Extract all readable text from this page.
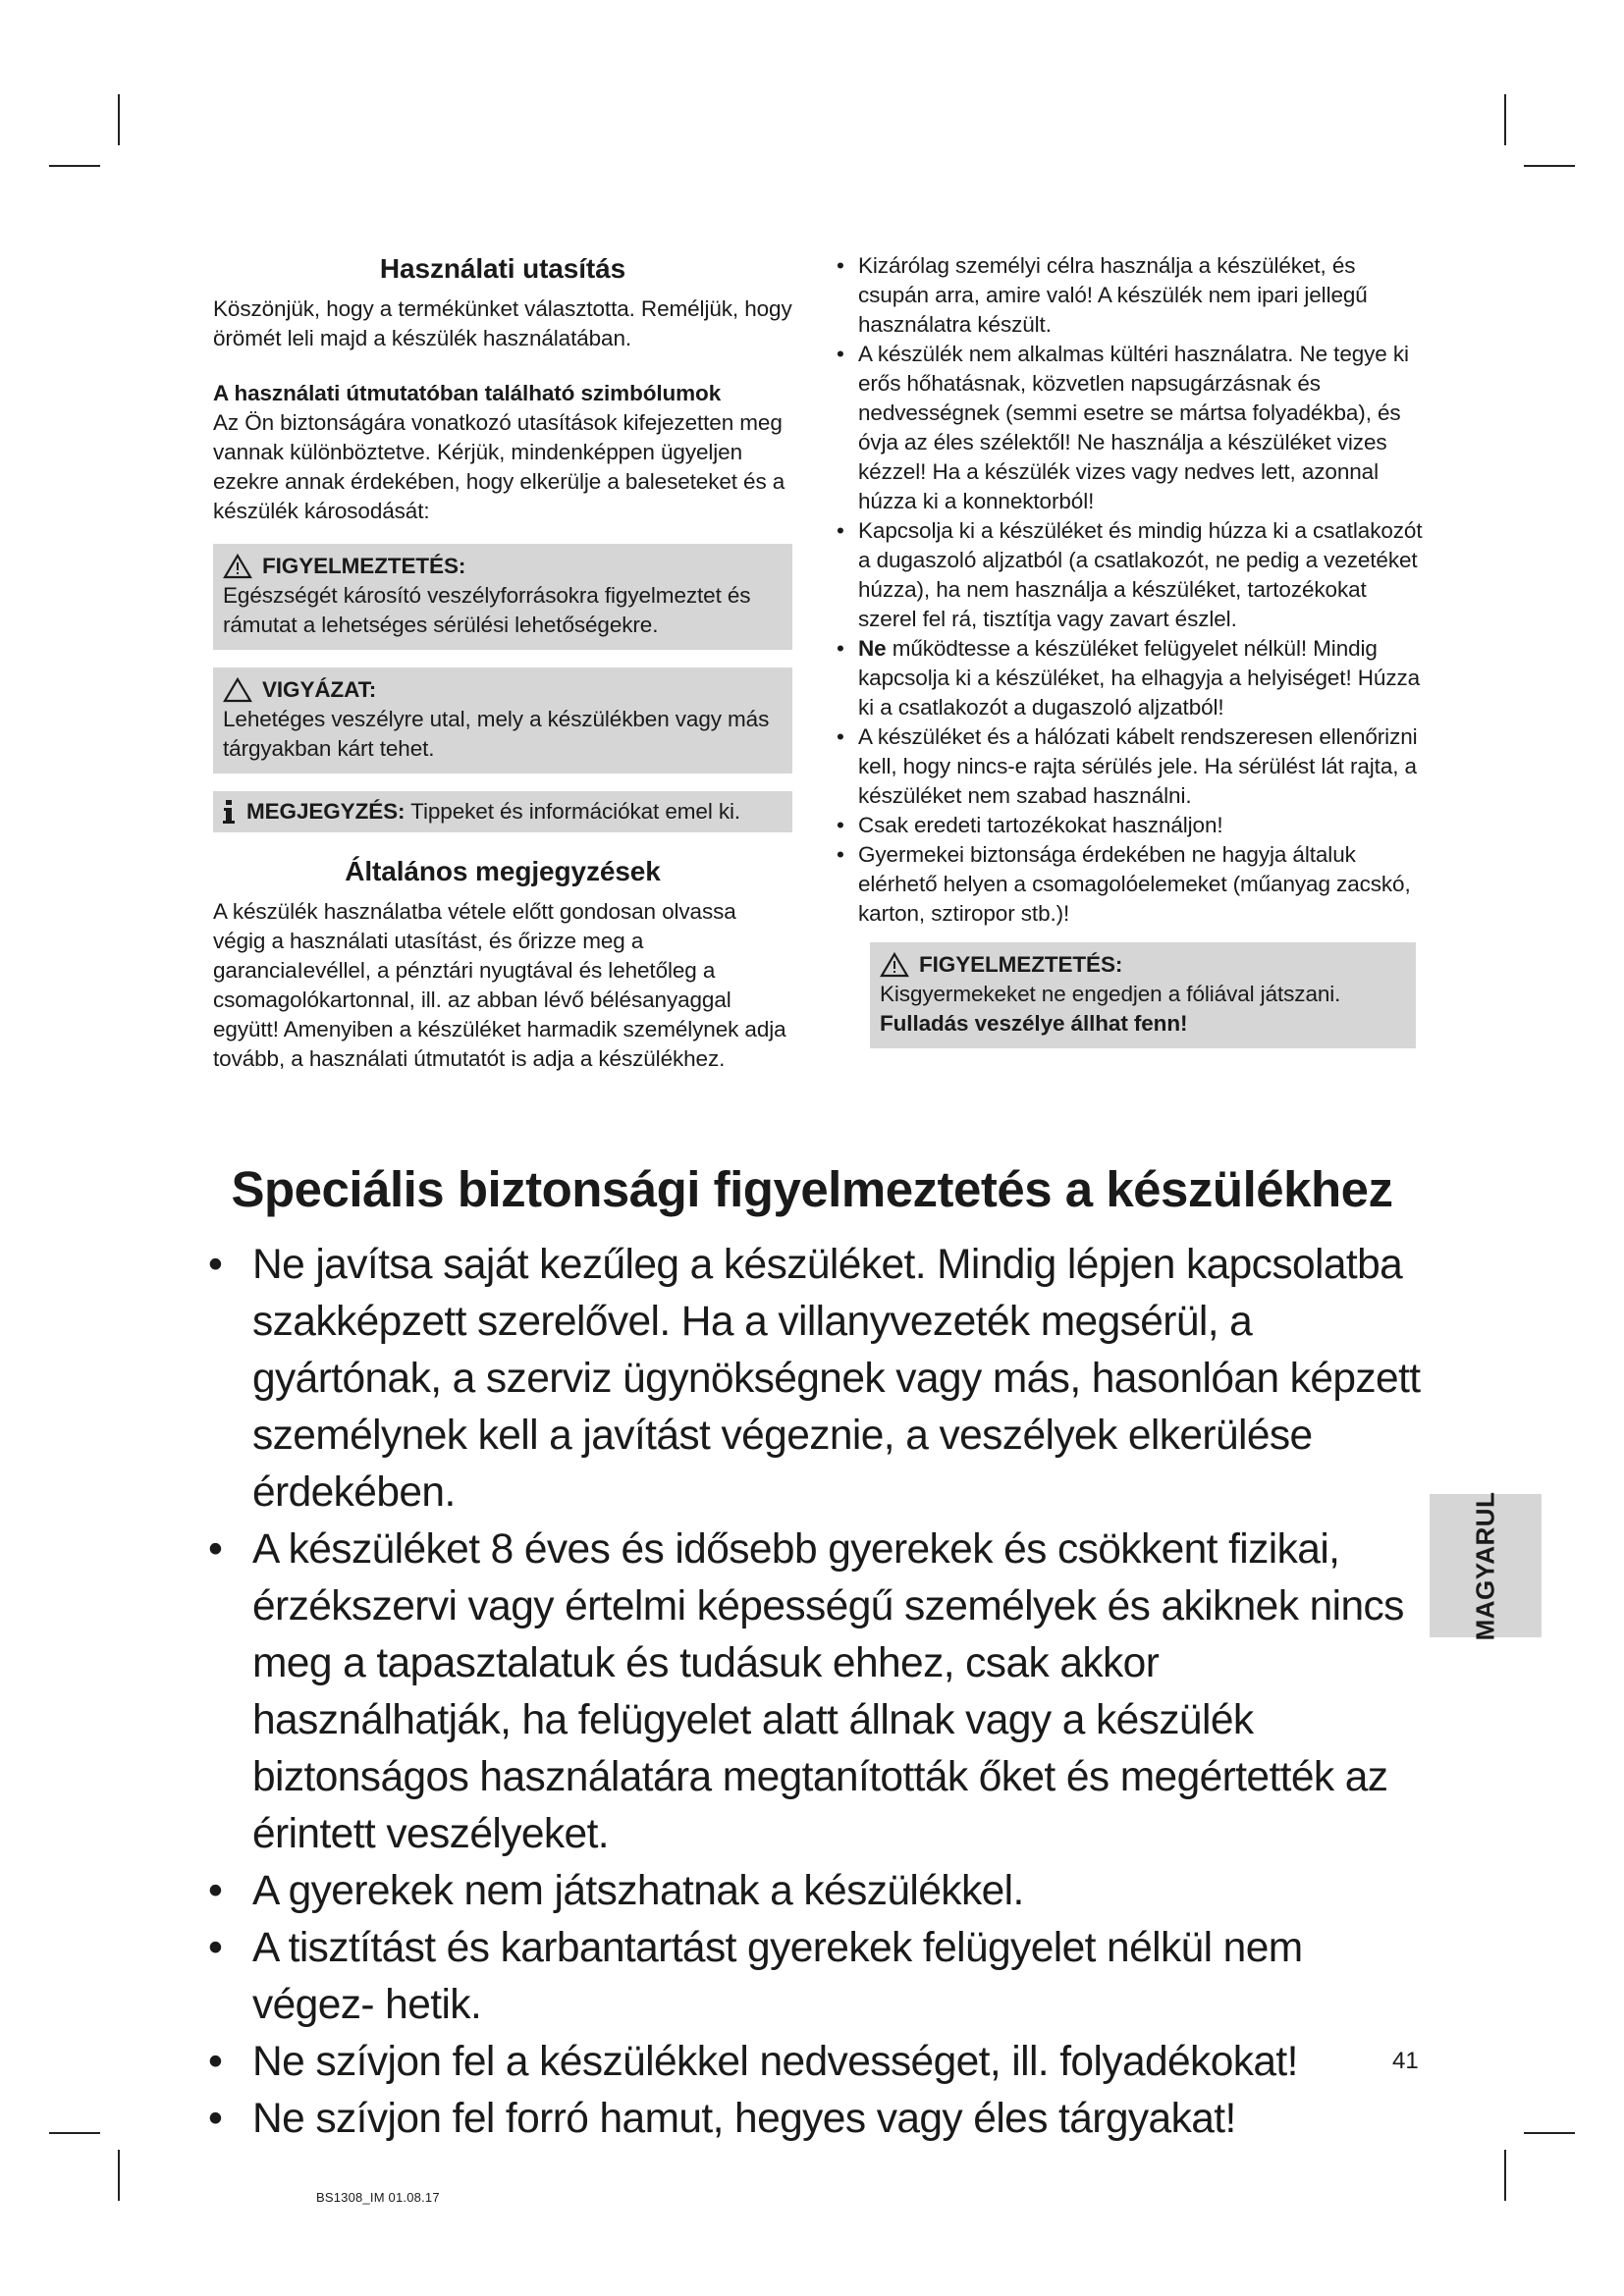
Használati utasítás

Köszönjük, hogy a termékünket választotta. Reméljük, hogy örömét leli majd a készülék használatában.

A használati útmutatóban található szimbólumok

Az Ön biztonságára vonatkozó utasítások kifejezetten meg vannak különböztetve. Kérjük, mindenképpen ügyeljen ezekre annak érdekében, hogy elkerülje a baleseteket és a készülék károsodását:

FIGYELMEZTETÉS:

Egészségét károsító veszélyforrásokra figyelmeztet és rámutat a lehetséges sérülési lehetőségekre.

VIGYÁZAT:

Lehetéges veszélyre utal, mely a készülékben vagy más tárgyakban kárt tehet.

MEGJEGYZÉS: Tippeket és információkat emel ki.
Általános megjegyzések

A készülék használatba vétele előtt gondosan olvassa végig a használati utasítást, és őrizze meg a garanciaIevéllel, a pénztári nyugtával és lehetőleg a csomagolókartonnal, ill. az abban lévő bélésanyaggal együtt! Amenyiben a készüléket harmadik személynek adja tovább, a használati útmutatót is adja a készülékhez.

• Kizárólag személyi célra használja a készüléket, és csupán arra, amire való! A készülék nem ipari jellegű használatra készült.
• A készülék nem alkalmas kültéri használatra. Ne tegye ki erős hőhatásnak, közvetlen napsugárzásnak és nedvességnek (semmi esetre se mártsa folyadékba), és óvja az éles szélektől! Ne használja a készüléket vizes kézzel! Ha a készülék vizes vagy nedves lett, azonnal húzza ki a konnektorból!
• Kapcsolja ki a készüléket és mindig húzza ki a csatlakozót a dugaszoló aljzatból (a csatlakozót, ne pedig a vezetéket húzza), ha nem használja a készüléket, tartozékokat szerel fel rá, tisztítja vagy zavart észlel.
• Ne működtesse a készüléket felügyelet nélkül! Mindig kapcsolja ki a készüléket, ha elhagyja a helyiséget! Húzza ki a csatlakozót a dugaszoló aljzatból!
• A készüléket és a hálózati kábelt rendszeresen ellenőrizni kell, hogy nincs-e rajta sérülés jele. Ha sérülést lát rajta, a készüléket nem szabad használni.
• Csak eredeti tartozékokat használjon!
• Gyermekei biztonsága érdekében ne hagyja általuk elérhető helyen a csomagolóelemeket (műanyag zacskó, karton, sztiropor stb.)!
FIGYELMEZTETÉS:

Kisgyermekeket ne engedjen a fóliával játszani.

Fulladás veszélye állhat fenn!

Speciális biztonsági figyelmeztetés a készülékhez
• Ne javítsa saját kezűleg a készüléket. Mindig lépjen kapcsolatba szakképzett szerelővel. Ha a villanyvezeték megsérül, a gyártónak, a szerviz ügynökségnek vagy más, hasonlóan képzett személynek kell a javítást végeznie, a veszélyek elkerülése érdekében.
• A készüléket 8 éves és idősebb gyerekek és csökkent fizikai, érzékszervi vagy értelmi képességű személyek és akiknek nincs meg a tapasztalatuk és tudásuk ehhez, csak akkor használhatják, ha felügyelet alatt állnak vagy a készülék biztonságos használatára megtanították őket és megértették az érintett veszélyeket.
• A gyerekek nem játszhatnak a készülékkel.
• A tisztítást és karbantartást gyerekek felügyelet nélkül nem végez- hetik.
• Ne szívjon fel a készülékkel nedvességet, ill. folyadékokat!
• Ne szívjon fel forró hamut, hegyes vagy éles tárgyakat!
MAGYARUL
41
BS1308_IM 01.08.17
